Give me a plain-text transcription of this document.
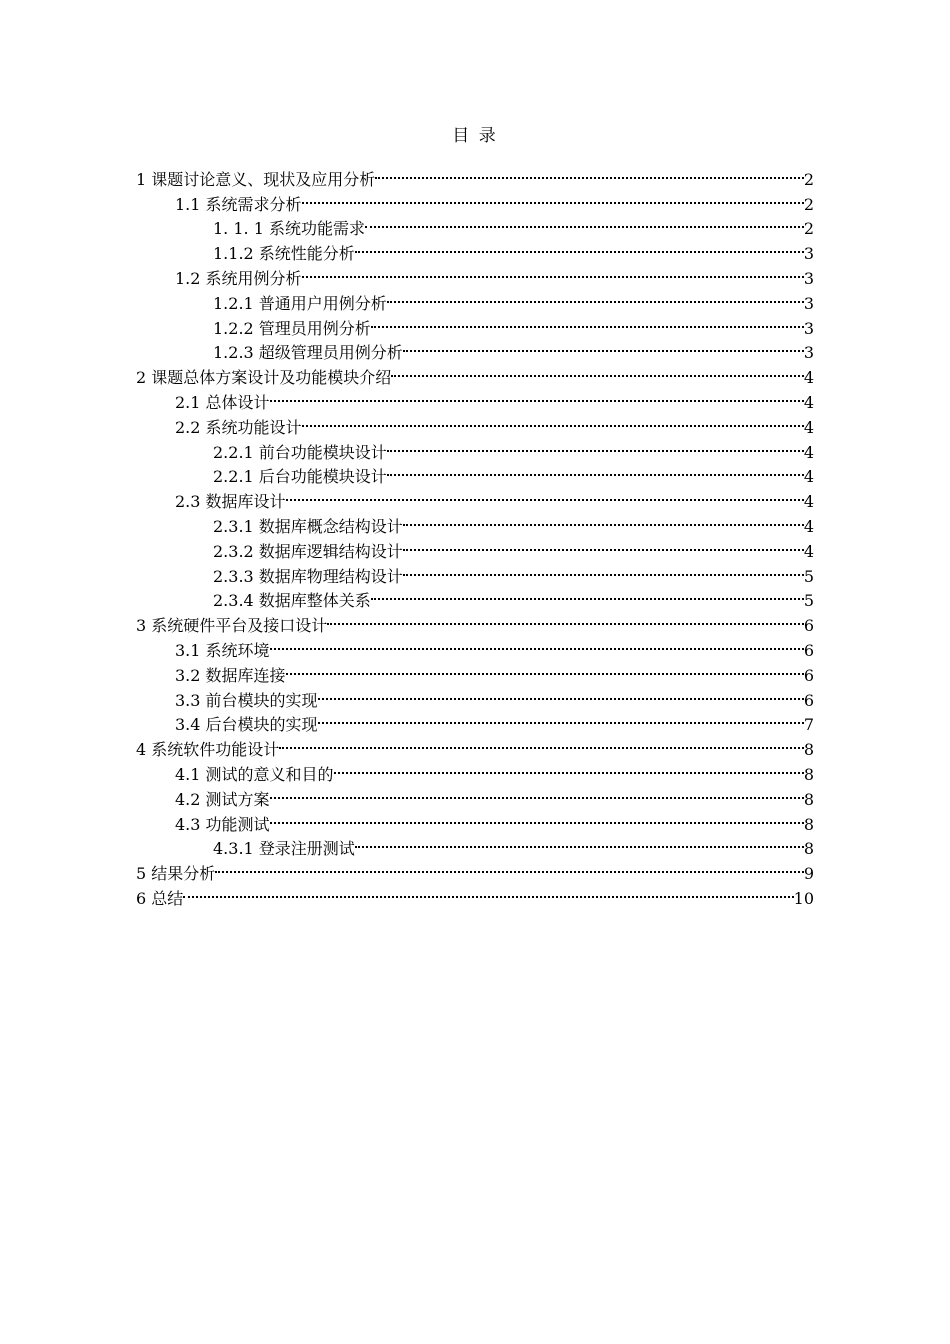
目 录
1 课题讨论意义、现状及应用分析	2
1.1 系统需求分析	2
1. 1. 1 系统功能需求	2
1.1.2 系统性能分析	3
1.2 系统用例分析	3
1.2.1 普通用户用例分析	3
1.2.2 管理员用例分析	3
1.2.3 超级管理员用例分析	3
2 课题总体方案设计及功能模块介绍	4
2.1 总体设计	4
2.2 系统功能设计	4
2.2.1 前台功能模块设计	4
2.2.1 后台功能模块设计	4
2.3 数据库设计	4
2.3.1 数据库概念结构设计	4
2.3.2 数据库逻辑结构设计	4
2.3.3 数据库物理结构设计	5
2.3.4 数据库整体关系	5
3 系统硬件平台及接口设计	6
3.1 系统环境	6
3.2 数据库连接	6
3.3 前台模块的实现	6
3.4 后台模块的实现	7
4 系统软件功能设计	8
4.1 测试的意义和目的	8
4.2 测试方案	8
4.3 功能测试	8
4.3.1 登录注册测试	8
5 结果分析	9
6 总结	10
